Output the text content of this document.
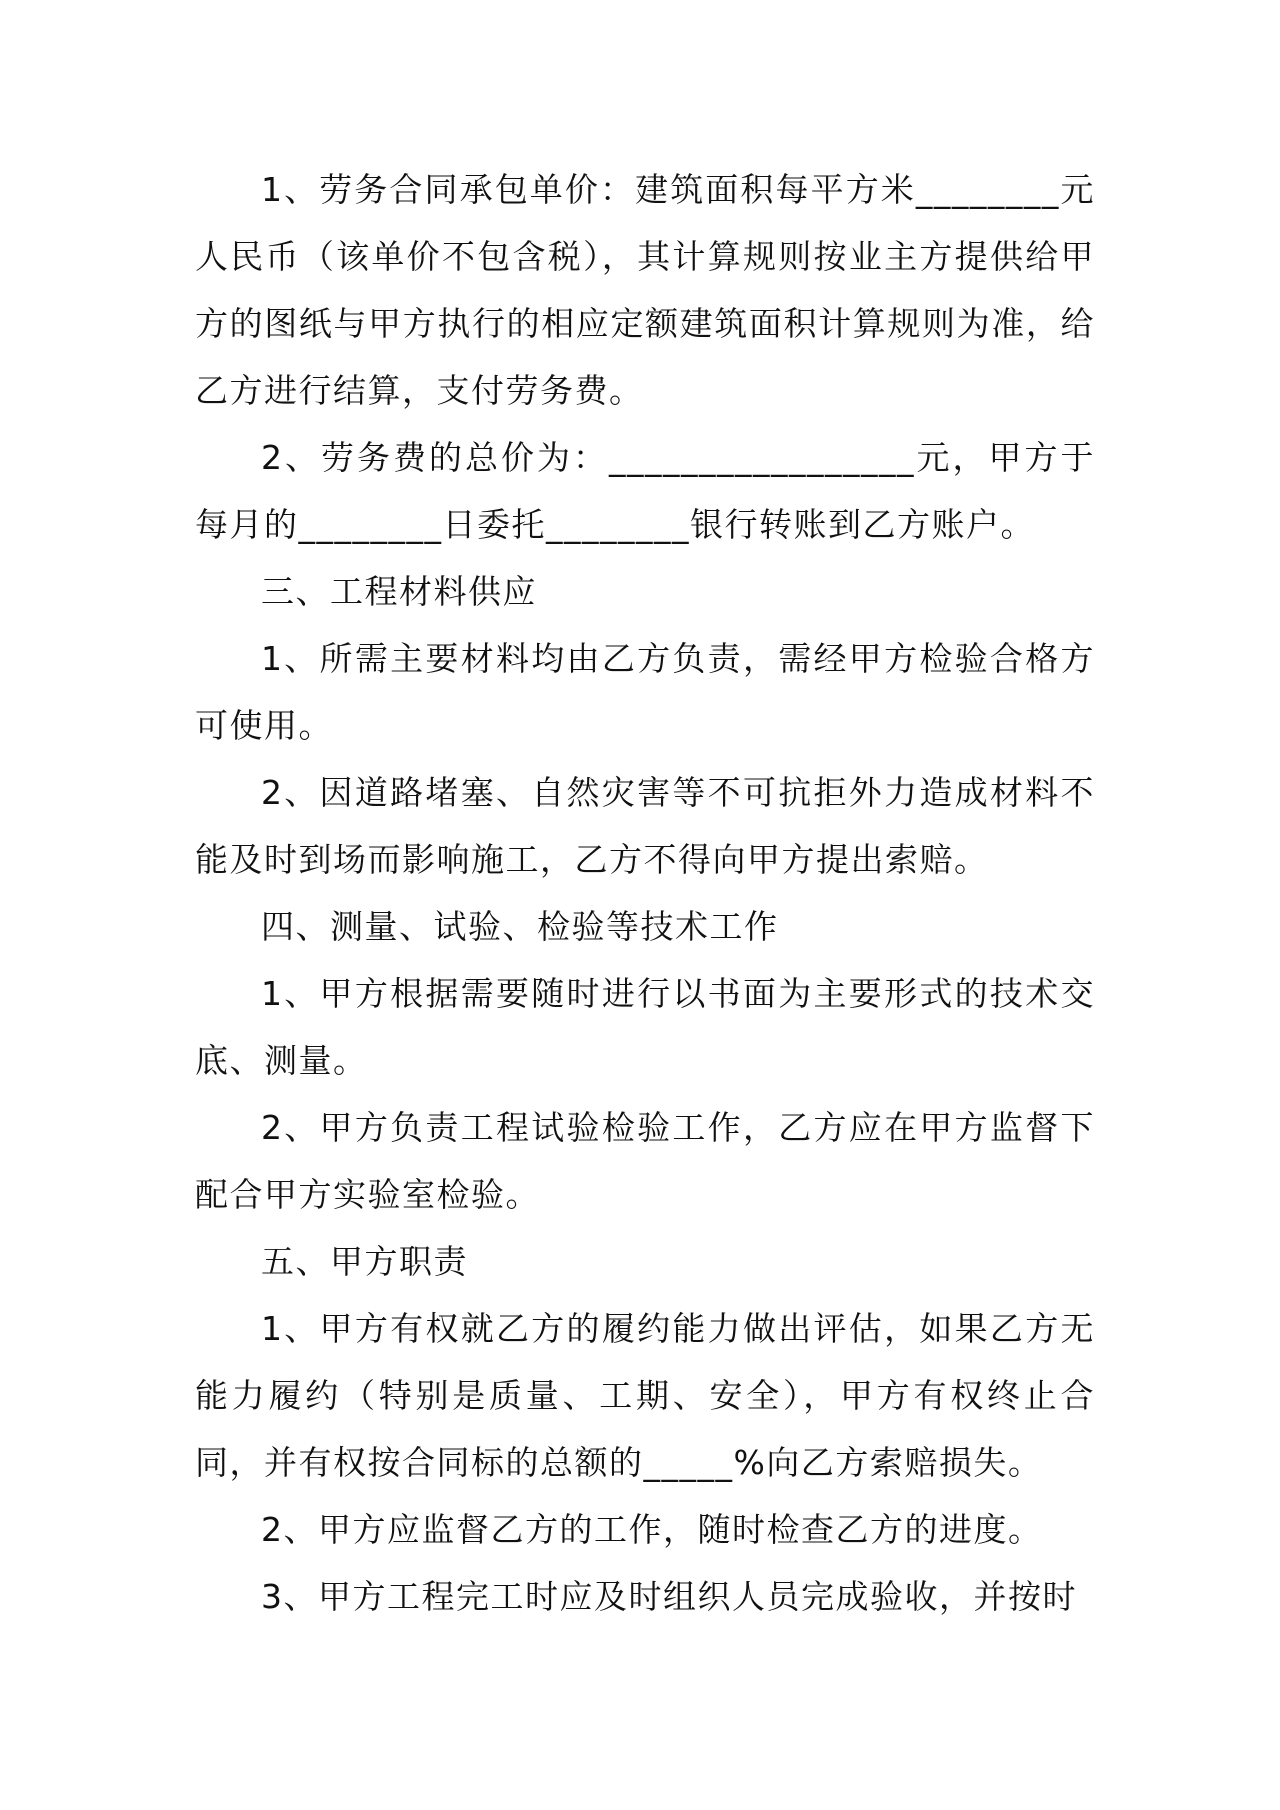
1、劳务合同承包单价：建筑面积每平方米________元人民币（该单价不包含税），其计算规则按业主方提供给甲方的图纸与甲方执行的相应定额建筑面积计算规则为准，给乙方进行结算，支付劳务费。

2、劳务费的总价为：_________________元，甲方于每月的________日委托________银行转账到乙方账户。

三、工程材料供应

1、所需主要材料均由乙方负责，需经甲方检验合格方可使用。

2、因道路堵塞、自然灾害等不可抗拒外力造成材料不能及时到场而影响施工，乙方不得向甲方提出索赔。

四、测量、试验、检验等技术工作

1、甲方根据需要随时进行以书面为主要形式的技术交底、测量。

2、甲方负责工程试验检验工作，乙方应在甲方监督下配合甲方实验室检验。

五、甲方职责

1、甲方有权就乙方的履约能力做出评估，如果乙方无能力履约（特别是质量、工期、安全），甲方有权终止合同，并有权按合同标的总额的_____%向乙方索赔损失。

2、甲方应监督乙方的工作，随时检查乙方的进度。

3、甲方工程完工时应及时组织人员完成验收，并按时
